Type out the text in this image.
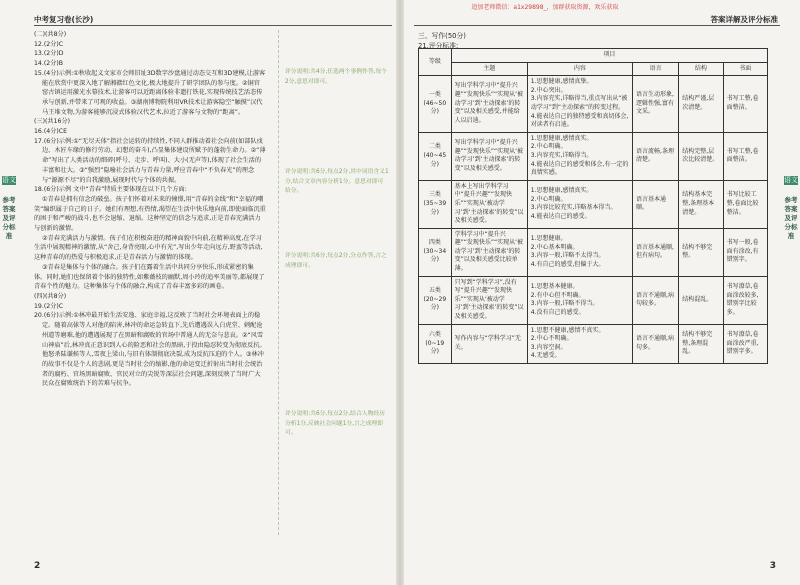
追加老师微信：a1x29898_，加群获取资源，欢乐获取
中考复习卷(长沙)

(二)(共8分)

12.(2分)C

13.(2分)D

14.(2分)B

15.(4分)示例:①秋收起义文家市会师旧址3D数字沙盘通过动态交互和3D建模,让游客能在欣赏中更深入地了解湘赣红色文化,极大地提升了研学团队的参与度。②铜官窑古镇运用激光水幕技术,让游客可以近距离体验非遗打铁花,实现传统技艺活态传承与创新,并带来了可观的收益。③湖南博物院利用VR技术让游客隐空“触摸”汉代马王堆文物,为游客能够沉浸式体验汉代艺术,拉近了游客与文物的“距离”。

(三)(共16分)

16.(4分)CE

17.(6分)示例:①“无尽天体”指社会运转的持续性,不同人群推动着社会向前(如部队戍边、木匠车缘的修行劳动、幻想的奋斗),凸显集体建设所赋予的蓬勃生命力。②“薄命”写出了人类活动的细碎(呼号、走步、呼叫)、大小(无声等),体现了社会生活的丰富和壮大。③“强烈”隐喻社会活力与青春力量,呼应青春中“不负春光”的理念与“源源不尽”的自我激励,展现时代与个体的共振。

18.(6分)示例 文中“青春”特质主要体现在以下几个方面:

①青春是拥有信念的破垒。孩子们怀着对未来的憧憬,用“青春的金线”和“幸福的嘲笑”编织属于自己的日子。她们有理想,有热情,渴望在生活中快乐地向前,即使面临沉重的困于和严峻的战斗,也不会退缩、退缩。这种坚定的信念与追求,正是青春充满活力与创新的激情。

②青春充满活力与激情。孩子们在积极奋进的精神面貌中向前,在精神高度,在学习生活中展现精神的激情,从“舍己,身背亮眼,心中有光”,写出少年走向远方,野蛮等活动,这种青春的的热爱与积极追求,正是青春活力与激情的体现。

③青春是集体与个体的融合。孩子们在露着生活中共同分享快乐,形成紧密的集体。同时,她们也保留着个体的独特性,如紫薇枝的幽默,周小玲的追率美丽等,都展现了青春个性的魅力。这种集体与个体的融合,构成了青春丰富多彩的画卷。

(四)(共8分)

19.(2分)C

20.(6分)示例:①林冲最开始生活安逸、家庭幸福,这反映了当时社会环境表面上的稳定。随着高俅等人对他的陷害,林冲的命运急转直下,先后遭遇误入白虎堂、刺配沧州道等磨难,他的遭遇展现了在黑暗和腐败的官场中普通人的无奈与悲哀。②“风雪山神庙”后,林冲真正意识到人心的险恶和社会的黑暗,于投由隐忍转变为彻底反抗。他怒杀陆谦候等人,雪夜上梁山,与旧有体制彻底决裂,成为反抗压迫的个人。③林冲的故事不仅是个人的悲剧,更是当时社会的缩影,他的命运变迁折射出当时社会统治者的腐朽、官场黑暗腐败、官民对立的尖锐等深层社会问题,深刻反映了当时广大民众在腐败统治下的苦难与抗争。

评分说明:共4分,任选两个事例作答,每个2分,意思对即可。
评分说明:共6分,每点2分,其中词语含义1分,结合文章内容分析1分。意思对即可给分。
评分说明:共6分,每点2分,分点作答,言之成理即可。
评分说明:共6分,每点2分,结合人物经历分析1分,反映社会问题1分,言之成理即可。
2
答案详解及评分标准
三、写作(50分)
21.评分标准:
等级	项目				
	主题	内容	语言	结构	书面
一类(46~50分)	写出学科学习中“提升兴趣”“发现快乐”“实现从‘被动学习’到‘主动探索’的转变”以及相关感受,并能给人以启迪。	1.思想健康,感情真挚。
2.中心突出。
3.内容充实,详略得当,重点写出从“被动学习”到“主动探索”的转变过程。
4.能表达自己的独特感受和真切体会,对读者有启迪。	语言生动形象,逻辑性强,富有文采。	结构严谨,层次清楚。	书写工整,卷面整洁。
二类(40~45分)	写出学科学习中“提升兴趣”“发现快乐”“实现从‘被动学习’到‘主动探索’的转变”以及相关感受。	1.思想健康,感情真实。
2.中心明确。
3.内容充实,详略得当。
4.能表达自己的感受和体会,有一定的真情实感。	语言流畅,条理清楚。	结构完整,层次比较清楚。	书写工整,卷面整洁。
三类(35~39分)	基本上写出学科学习中“提升兴趣”“发现快乐”“实现从‘被动学习’到‘主动探索’的转变”以及相关感受。	1.思想健康,感情真实。
2.中心明确。
3.内容比较充实,详略基本得当。
4.能表达自己的感受。	语言基本通顺。	结构基本完整,条理基本清楚。	书写比较工整,卷面比较整洁。
四类(30~34分)	学科学习中“提升兴趣”“发现快乐”“实现从‘被动学习’到‘主动探索’的转变”以及相关感受比较单薄。	1.思想健康。
2.中心基本明确。
3.内容一般,详略不太得当。
4.有自己的感受,但偏于大。	语言基本通顺,但有病句。	结构不够完整。	书写一般,卷面有涂改,有错别字。
五类(20~29分)	只写到“学科学习”,没有写“提升兴趣”“发现快乐”“实现从‘被动学习’到‘主动探索’的转变”以及相关感受。	1.思想基本健康。
2.有中心但不明确。
3.内容一般,详略不得当。
4.没有自己的感受。	语言不通顺,病句较多。	结构混乱。	书写潦草,卷面涂改较多,错别字比较多。
六类(0~19分)	写作内容与“学科学习”无关。	1.思想不健康,感情不真实。
2.中心不明确。
3.内容空洞。
4.无感受。	语言不通顺,病句多。	结构不够完整,条理混乱。	书写潦草,卷面涂改严重,错别字多。
3
语文
参考答案及评分标准
语文
参考答案及评分标准
